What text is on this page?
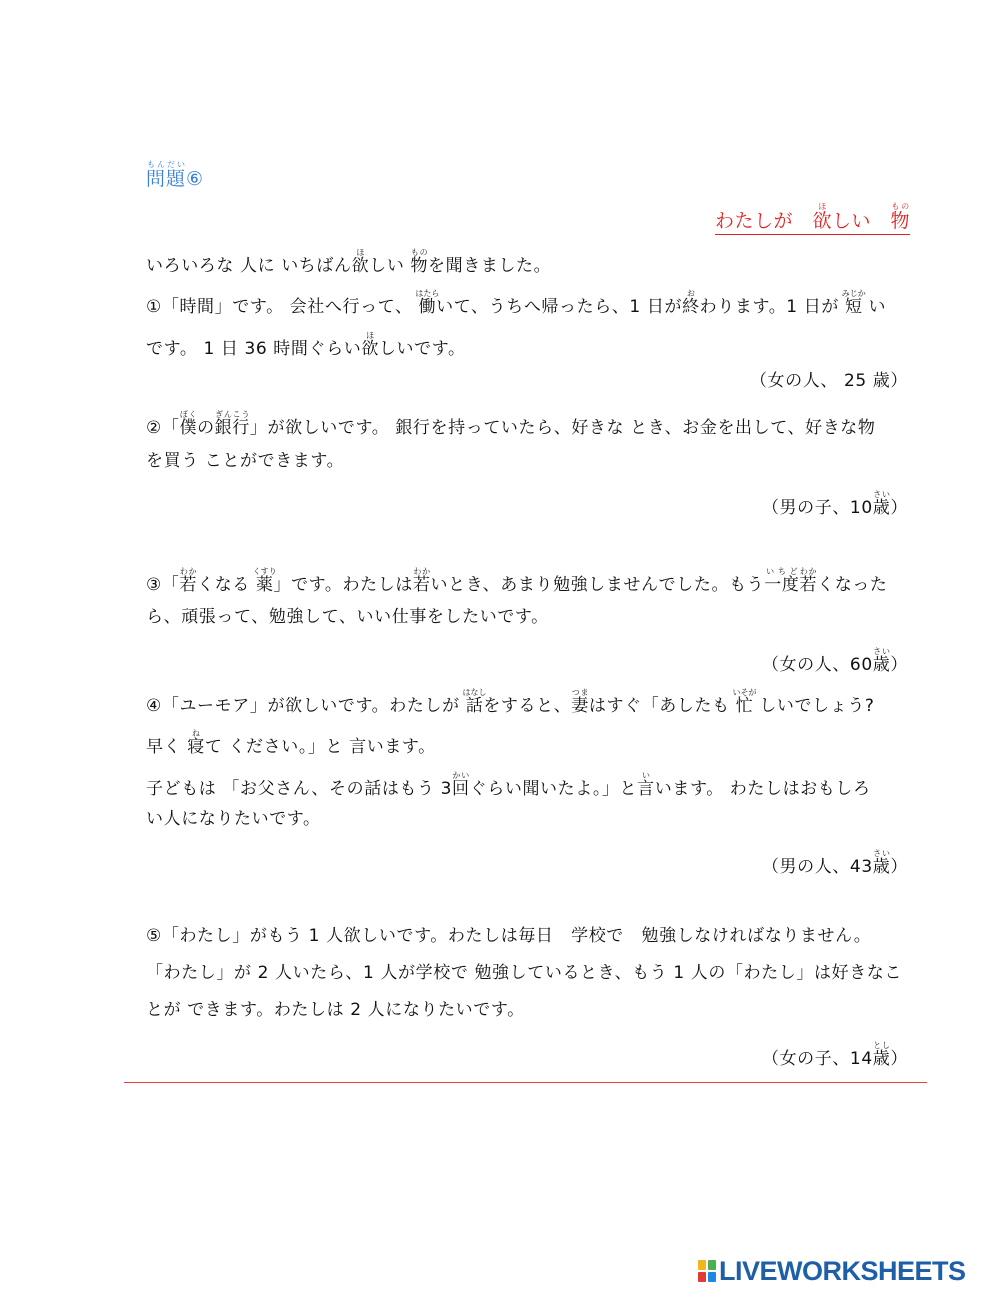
問題もんだい⑥
わたしが　欲ほしい　物もの
いろいろな 人に いちばん欲ほしい 物ものを聞きました。
①「時間」です。 会社へ行って、 働はたらいて、うちへ帰ったら、1 日が終おわります。1 日が 短みじか い
です。 1 日 36 時間ぐらい欲ほしいです。
（女の人、 25 歳）
②「僕ぼくの銀行ぎんこう」が欲しいです。 銀行を持っていたら、好きな とき、お金を出して、好きな物
を買う ことができます。
（男の子、10歳さい）
③「若わかくなる 薬くすり」です。わたしは若わかいとき、あまり勉強しませんでした。もう一度いちど若わかくなった
ら、頑張って、勉強して、いい仕事をしたいです。
（女の人、60歳さい）
④「ユーモア」が欲しいです。わたしが 話はなしをすると、妻つまはすぐ「あしたも 忙いそが しいでしょう?
早く 寝ねて ください。」と 言います。
子どもは 「お父さん、その話はもう 3回かいぐらい聞いたよ。」と言いいます。 わたしはおもしろ
い人になりたいです。
（男の人、43歳さい）
⑤「わたし」がもう 1 人欲しいです。わたしは毎日　学校で　勉強しなければなりません。
「わたし」が 2 人いたら、1 人が学校で 勉強しているとき、もう 1 人の「わたし」は好きなこ
とが できます。わたしは 2 人になりたいです。
（女の子、14歳とし）
LIVEWORKSHEETS
